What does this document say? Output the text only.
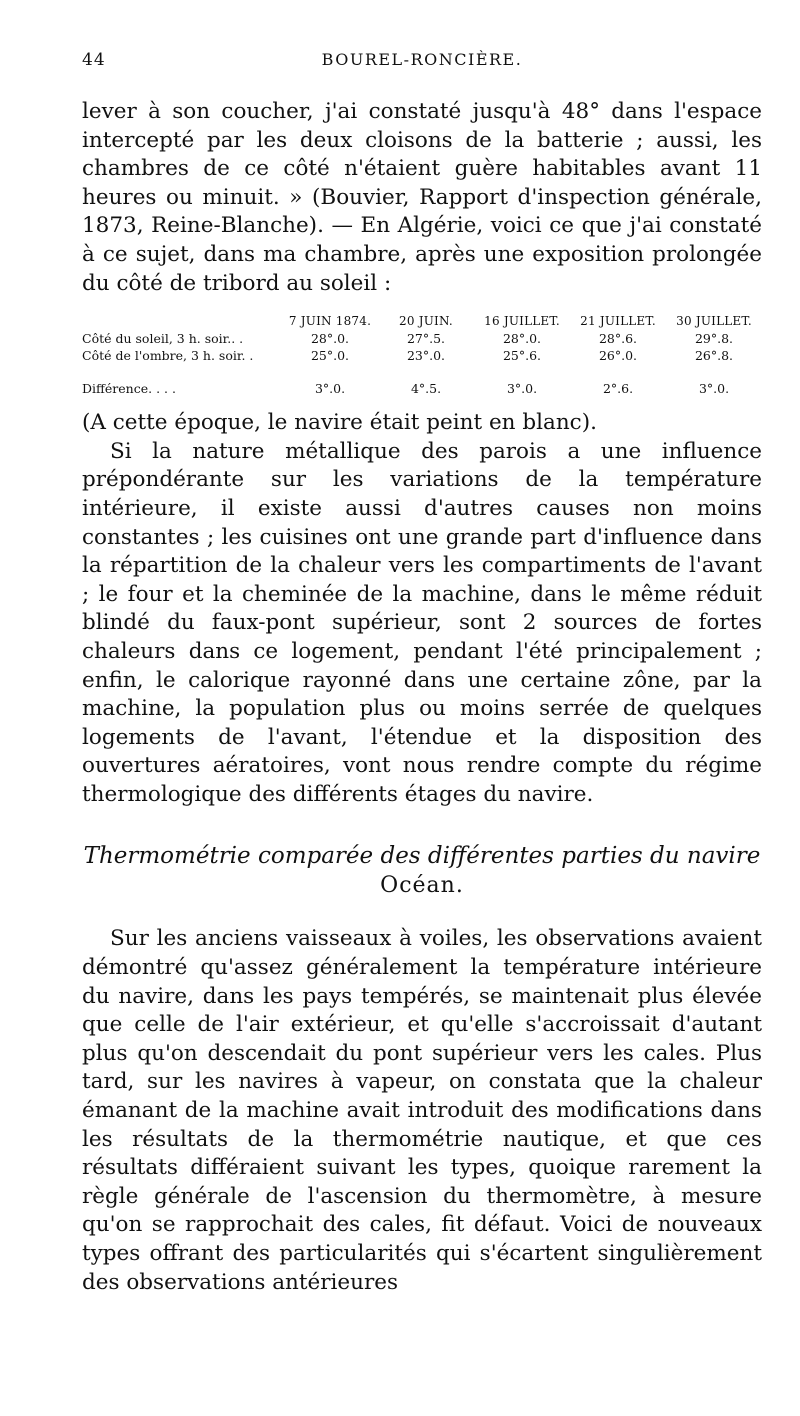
44	BOUREL-RONCIÈRE.

lever à son coucher, j'ai constaté jusqu'à 48° dans l'espace intercepté par les deux cloisons de la batterie ; aussi, les chambres de ce côté n'étaient guère habitables avant 11 heures ou minuit. » (Bouvier, Rapport d'inspection générale, 1873, Reine-Blanche). — En Algérie, voici ce que j'ai constaté à ce sujet, dans ma chambre, après une exposition prolongée du côté de tribord au soleil :

7 JUIN 1874.	20 JUIN.	16 JUILLET.	21 JUILLET.	30 JUILLET.
Côté du soleil, 3 h. soir.. .	28°.0.	27°.5.	28°.0.	28°.6.	29°.8.
Côté de l'ombre, 3 h. soir. .	25°.0.	23°.0.	25°.6.	26°.0.	26°.8.
Différence. . . .	3°.0.	4°.5.	3°.0.	2°.6.	3°.0.

(A cette époque, le navire était peint en blanc).

Si la nature métallique des parois a une influence prépondérante sur les variations de la température intérieure, il existe aussi d'autres causes non moins constantes ; les cuisines ont une grande part d'influence dans la répartition de la chaleur vers les compartiments de l'avant ; le four et la cheminée de la machine, dans le même réduit blindé du faux-pont supérieur, sont 2 sources de fortes chaleurs dans ce logement, pendant l'été principalement ; enfin, le calorique rayonné dans une certaine zône, par la machine, la population plus ou moins serrée de quelques logements de l'avant, l'étendue et la disposition des ouvertures aératoires, vont nous rendre compte du régime thermologique des différents étages du navire.

Thermométrie comparée des différentes parties du navire

Océan.

Sur les anciens vaisseaux à voiles, les observations avaient démontré qu'assez généralement la température intérieure du navire, dans les pays tempérés, se maintenait plus élevée que celle de l'air extérieur, et qu'elle s'accroissait d'autant plus qu'on descendait du pont supérieur vers les cales. Plus tard, sur les navires à vapeur, on constata que la chaleur émanant de la machine avait introduit des modifications dans les résultats de la thermométrie nautique, et que ces résultats différaient suivant les types, quoique rarement la règle générale de l'ascension du thermomètre, à mesure qu'on se rapprochait des cales, fit défaut. Voici de nouveaux types offrant des particularités qui s'écartent singulièrement des observations antérieures
